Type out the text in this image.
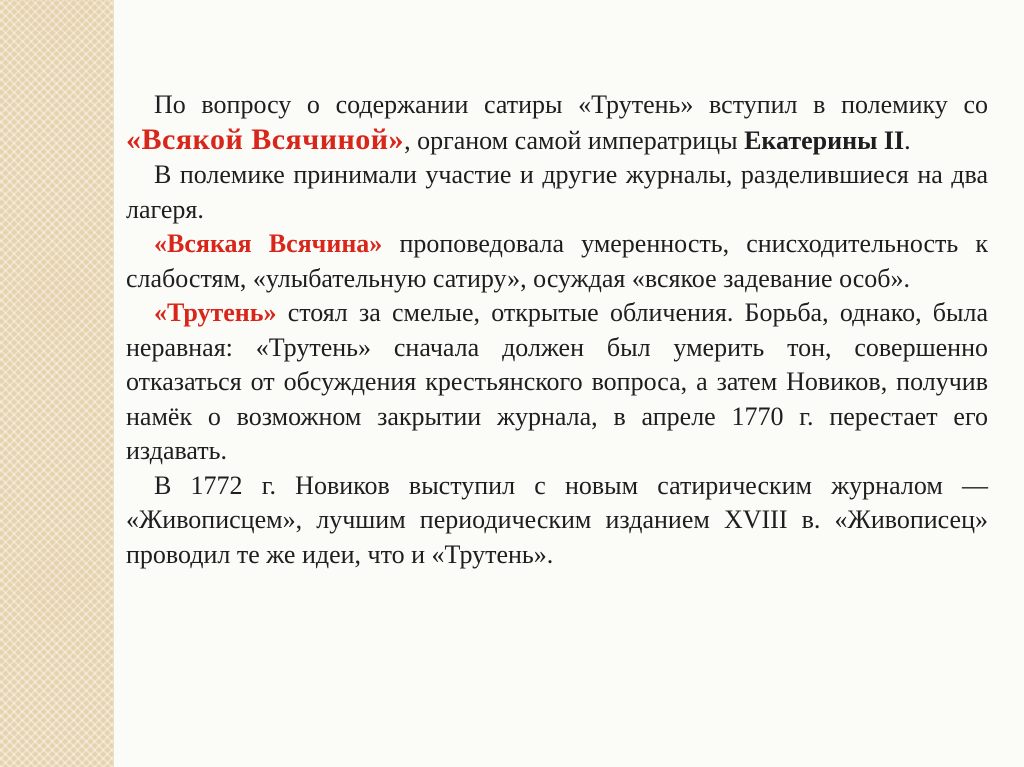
По вопросу о содержании сатиры «Трутень» вступил в полемику со «Всякой Всячиной», органом самой императрицы Екатерины II.

В полемике принимали участие и другие журналы, разделившиеся на два лагеря.

«Всякая Всячина» проповедовала умеренность, снисходительность к слабостям, «улыбательную сатиру», осуждая «всякое задевание особ».

«Трутень» стоял за смелые, открытые обличения. Борьба, однако, была неравная: «Трутень» сначала должен был умерить тон, совершенно отказаться от обсуждения крестьянского вопроса, а затем Новиков, получив намёк о возможном закрытии журнала, в апреле 1770 г. перестает его издавать.

В 1772 г. Новиков выступил с новым сатирическим журналом — «Живописцем», лучшим периодическим изданием XVIII в. «Живописец» проводил те же идеи, что и «Трутень».
